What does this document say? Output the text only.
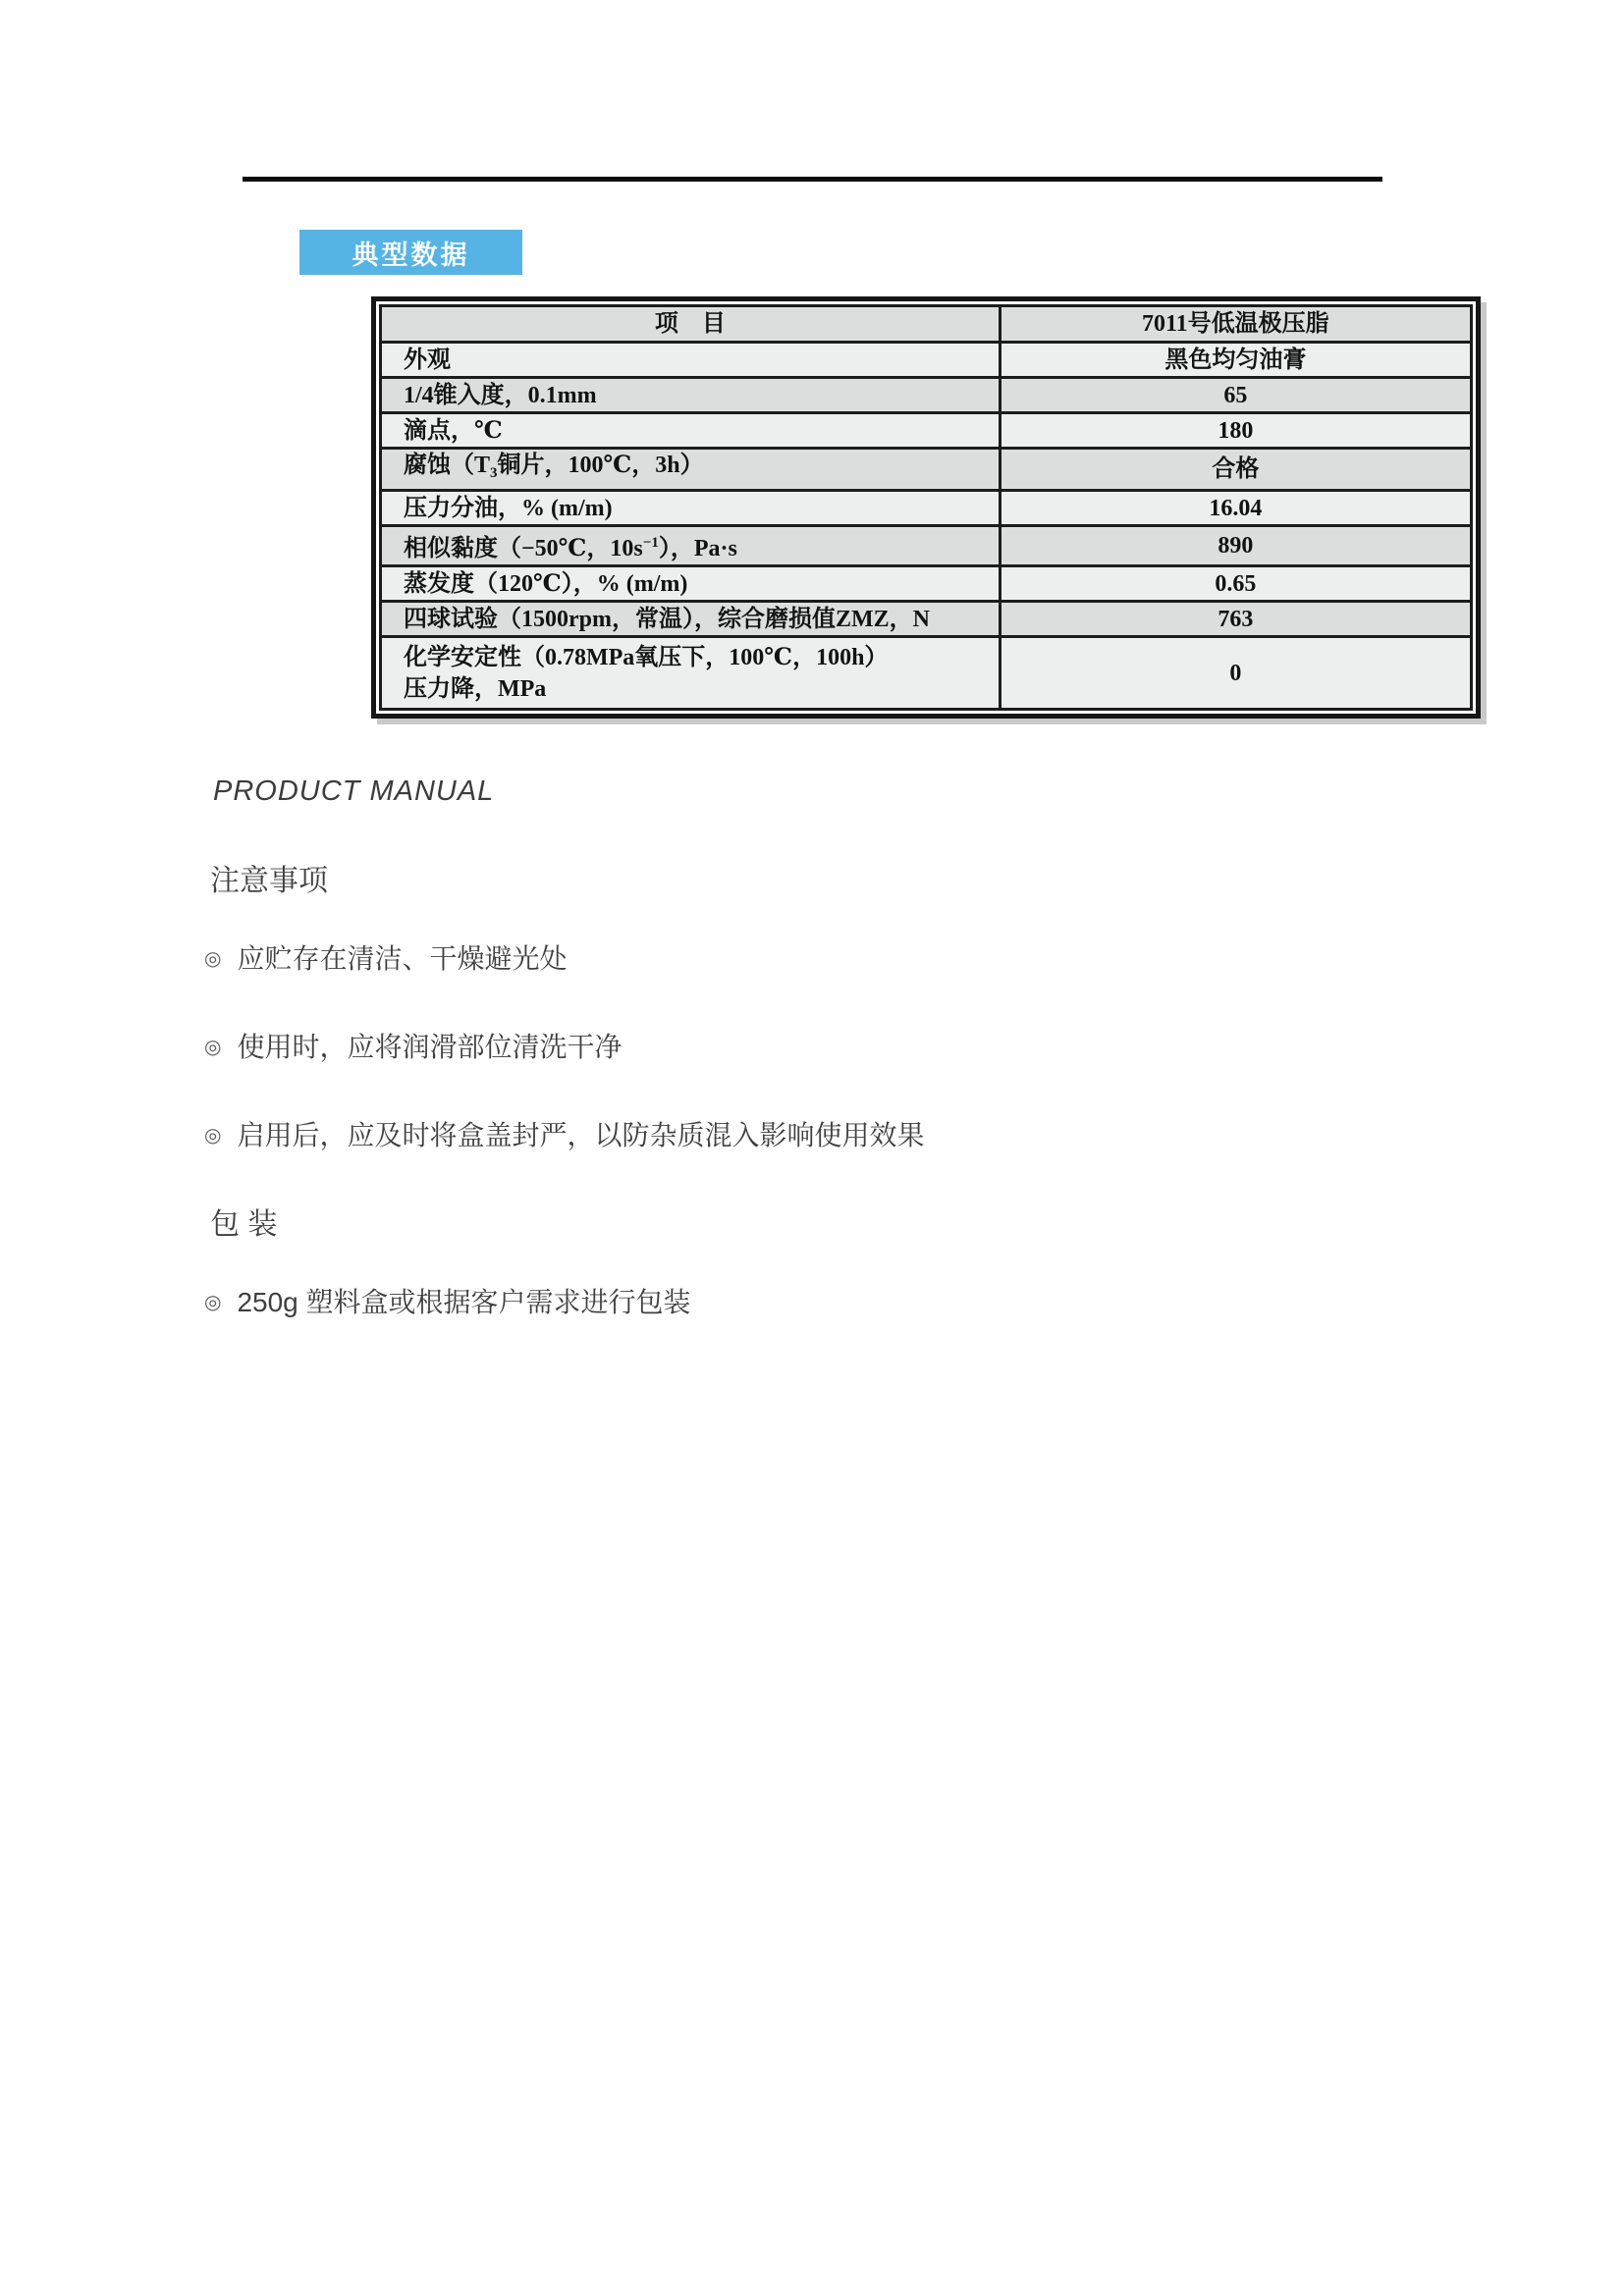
典型数据
项　目	7011号低温极压脂
外观	黑色均匀油膏
1/4锥入度，0.1mm	65
滴点，℃	180
腐蚀（$T_3$铜片，100℃，3h）	合格
压力分油，% (m/m)	16.04
相似黏度（−50℃，$10s^{-1}$），Pa·s	890
蒸发度（120℃），% (m/m)	0.65
四球试验（1500rpm，常温），综合磨损值ZMZ，N	763
化学安定性（0.78MPa氧压下，100℃，100h）
压力降，MPa	0
PRODUCT MANUAL
注意事项
◎ 应贮存在清洁、干燥避光处
◎ 使用时，应将润滑部位清洗干净
◎ 启用后，应及时将盒盖封严，以防杂质混入影响使用效果
包 装
◎ 250g 塑料盒或根据客户需求进行包装
